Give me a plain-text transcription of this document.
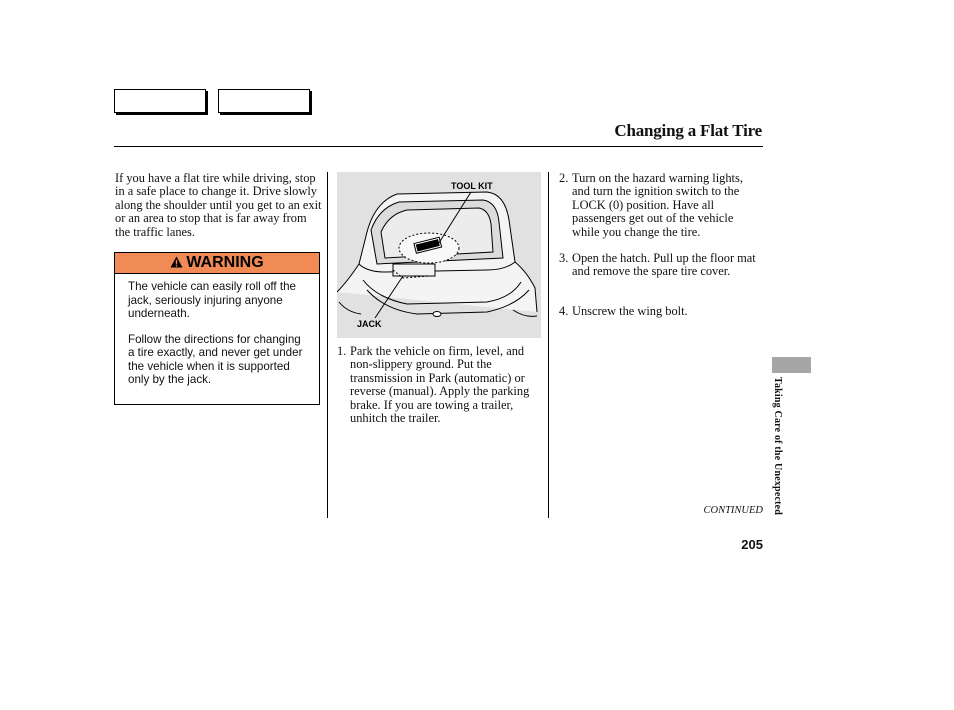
Changing a Flat Tire
If you have a flat tire while driving, stop in a safe place to change it. Drive slowly along the shoulder until you get to an exit or an area to stop that is far away from the traffic lanes.
WARNING

The vehicle can easily roll off the jack, seriously injuring anyone underneath.

Follow the directions for changing a tire exactly, and never get under the vehicle when it is supported only by the jack.

TOOL KIT
JACK
1. Park the vehicle on firm, level, and non-slippery ground. Put the transmission in Park (automatic) or reverse (manual). Apply the parking brake. If you are towing a trailer, unhitch the trailer.
2. Turn on the hazard warning lights, and turn the ignition switch to the LOCK (0) position. Have all passengers get out of the vehicle while you change the tire.
3. Open the hatch. Pull up the floor mat and remove the spare tire cover.
4. Unscrew the wing bolt.
CONTINUED
205
Taking Care of the Unexpected
